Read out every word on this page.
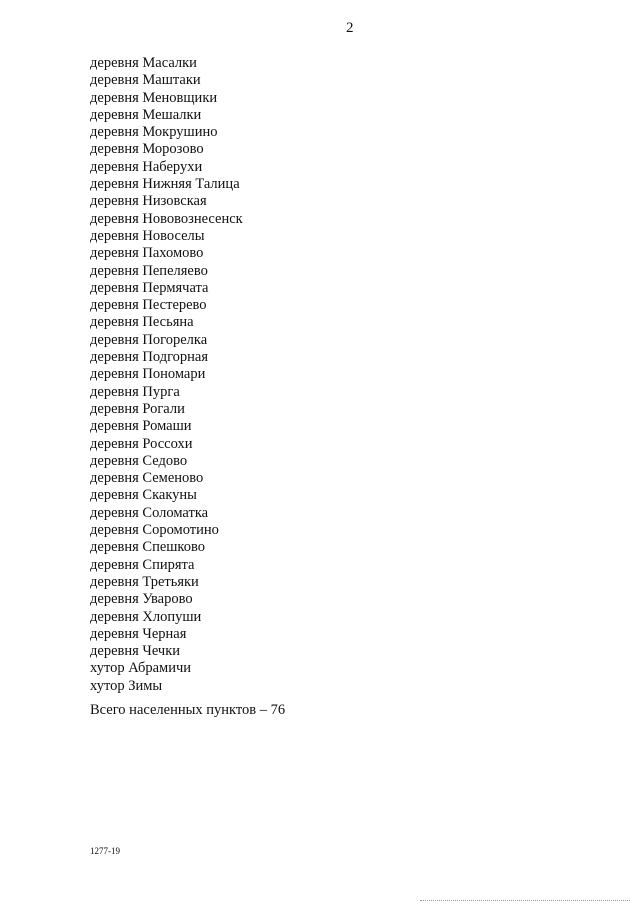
2
деревня Масалки
деревня Маштаки
деревня Меновщики
деревня Мешалки
деревня Мокрушино
деревня Морозово
деревня Наберухи
деревня Нижняя Талица
деревня Низовская
деревня Нововознесенск
деревня Новоселы
деревня Пахомово
деревня Пепеляево
деревня Пермячата
деревня Пестерево
деревня Песьяна
деревня Погорелка
деревня Подгорная
деревня Пономари
деревня Пурга
деревня Рогали
деревня Ромаши
деревня Россохи
деревня Седово
деревня Семеново
деревня Скакуны
деревня Соломатка
деревня Соромотино
деревня Спешково
деревня Спирята
деревня Третьяки
деревня Уварово
деревня Хлопуши
деревня Черная
деревня Чечки
хутор Абрамичи
хутор Зимы
Всего населенных пунктов – 76
1277-19
